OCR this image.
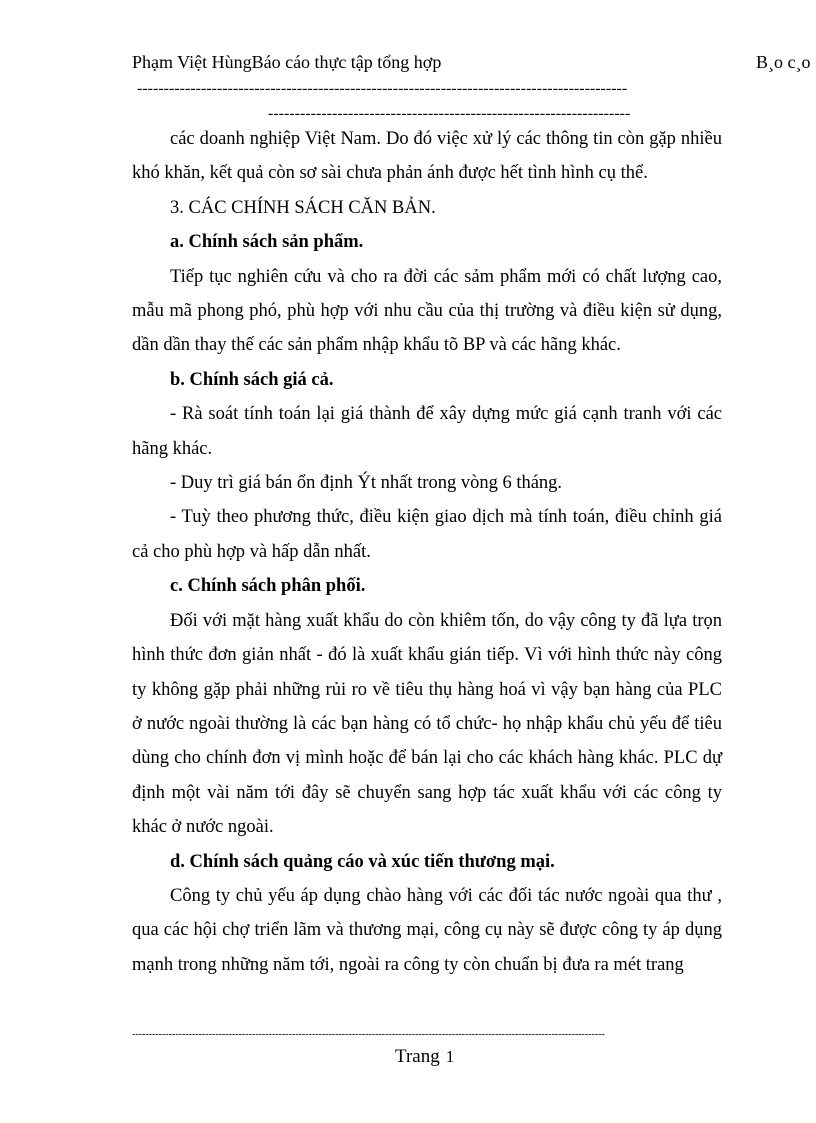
Phạm Việt HùngBáo cáo thực tập tổng hợp	B¸o c¸o
--------------------------------------------------------------------------------------------
--------------------------------------------------------------------

các doanh nghiệp Việt Nam. Do đó việc xử lý các thông tin còn gặp nhiều khó khăn, kết quả còn sơ sài chưa phản ánh được hết tình hình cụ thể.

3. CÁC CHÍNH SÁCH CĂN BẢN.

a. Chính sách sản phẩm.

Tiếp tục nghiên cứu và cho ra đời các sảm phẩm mới có chất lượng cao, mẫu mã phong phó, phù hợp với nhu cầu của thị trường và điều kiện sử dụng, dần dần thay thế các sản phẩm nhập khẩu tõ BP và các hãng khác.

b. Chính sách giá cả.

- Rà soát tính toán lại giá thành để xây dựng mức giá cạnh tranh với các hãng khác.

- Duy trì giá bán ổn định Ýt nhất trong vòng 6 tháng.

- Tuỳ theo phương thức, điều kiện giao dịch mà tính toán, điều chỉnh giá cả cho phù hợp và hấp dẫn nhất.

c. Chính sách phân phối.

Đối với mặt hàng xuất khẩu do còn khiêm tốn, do vậy công ty đã lựa trọn hình thức đơn giản nhất - đó là xuất khẩu gián tiếp. Vì với hình thức này công ty không gặp phải những rủi ro về tiêu thụ hàng hoá vì vậy bạn hàng của PLC ở nước ngoài thường là các bạn hàng có tổ chức- họ nhập khẩu chủ yếu để tiêu dùng cho chính đơn vị mình hoặc để bán lại cho các khách hàng khác. PLC dự định một vài năm tới đây sẽ chuyển sang hợp tác xuất khẩu với các công ty khác ở nước ngoài.

d. Chính sách quảng cáo và xúc tiến thương mại.

Công ty chủ yếu áp dụng chào hàng với các đối tác nước ngoài qua thư , qua các hội chợ triển lãm và thương mại, công cụ này sẽ được công ty áp dụng mạnh trong những năm tới, ngoài ra công ty còn chuẩn bị đưa ra mét trang

----------------------------------------------------------------------------------------------------------------------------------------------
Trang 1
